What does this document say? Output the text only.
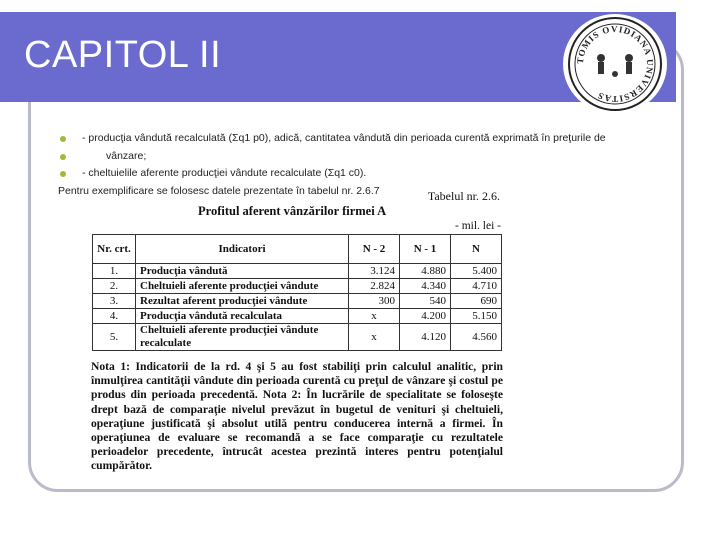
CAPITOL II	TOMIS OVIDIANA UNIVERSITAS
- producţia vândută recalculată (Σq1 p0), adică, cantitatea vândută din perioada curentă exprimată în preţurile de
vânzare;
- cheltuielile aferente producţiei vândute recalculate (Σq1 c0).
Pentru exemplificare se folosesc datele prezentate în tabelul nr. 2.6.7	Tabelul nr. 2.6.
Profitul aferent vânzărilor firmei A
- mil. lei -
Nr. crt.	Indicatori	N - 2	N - 1	N
1.	Producţia vândută	3.124	4.880	5.400
2.	Cheltuieli aferente producţiei vândute	2.824	4.340	4.710
3.	Rezultat aferent producţiei vândute	300	540	690
4.	Producţia vândută recalculata	x	4.200	5.150
5.	Cheltuieli aferente producţiei vândute recalculate	x	4.120	4.560
Nota 1: Indicatorii de la rd. 4 şi 5 au fost stabiliţi prin calculul analitic, prin înmulţirea cantităţii vândute din perioada curentă cu preţul de vânzare şi costul pe produs din perioada precedentă. Nota 2: În lucrările de specialitate se foloseşte drept bază de comparaţie nivelul prevăzut în bugetul de venituri şi cheltuieli, operaţiune justificată şi absolut utilă pentru conducerea internă a firmei. În operaţiunea de evaluare se recomandă a se face comparaţie cu rezultatele perioadelor precedente, întrucât acestea prezintă interes pentru potenţialul cumpărător.
